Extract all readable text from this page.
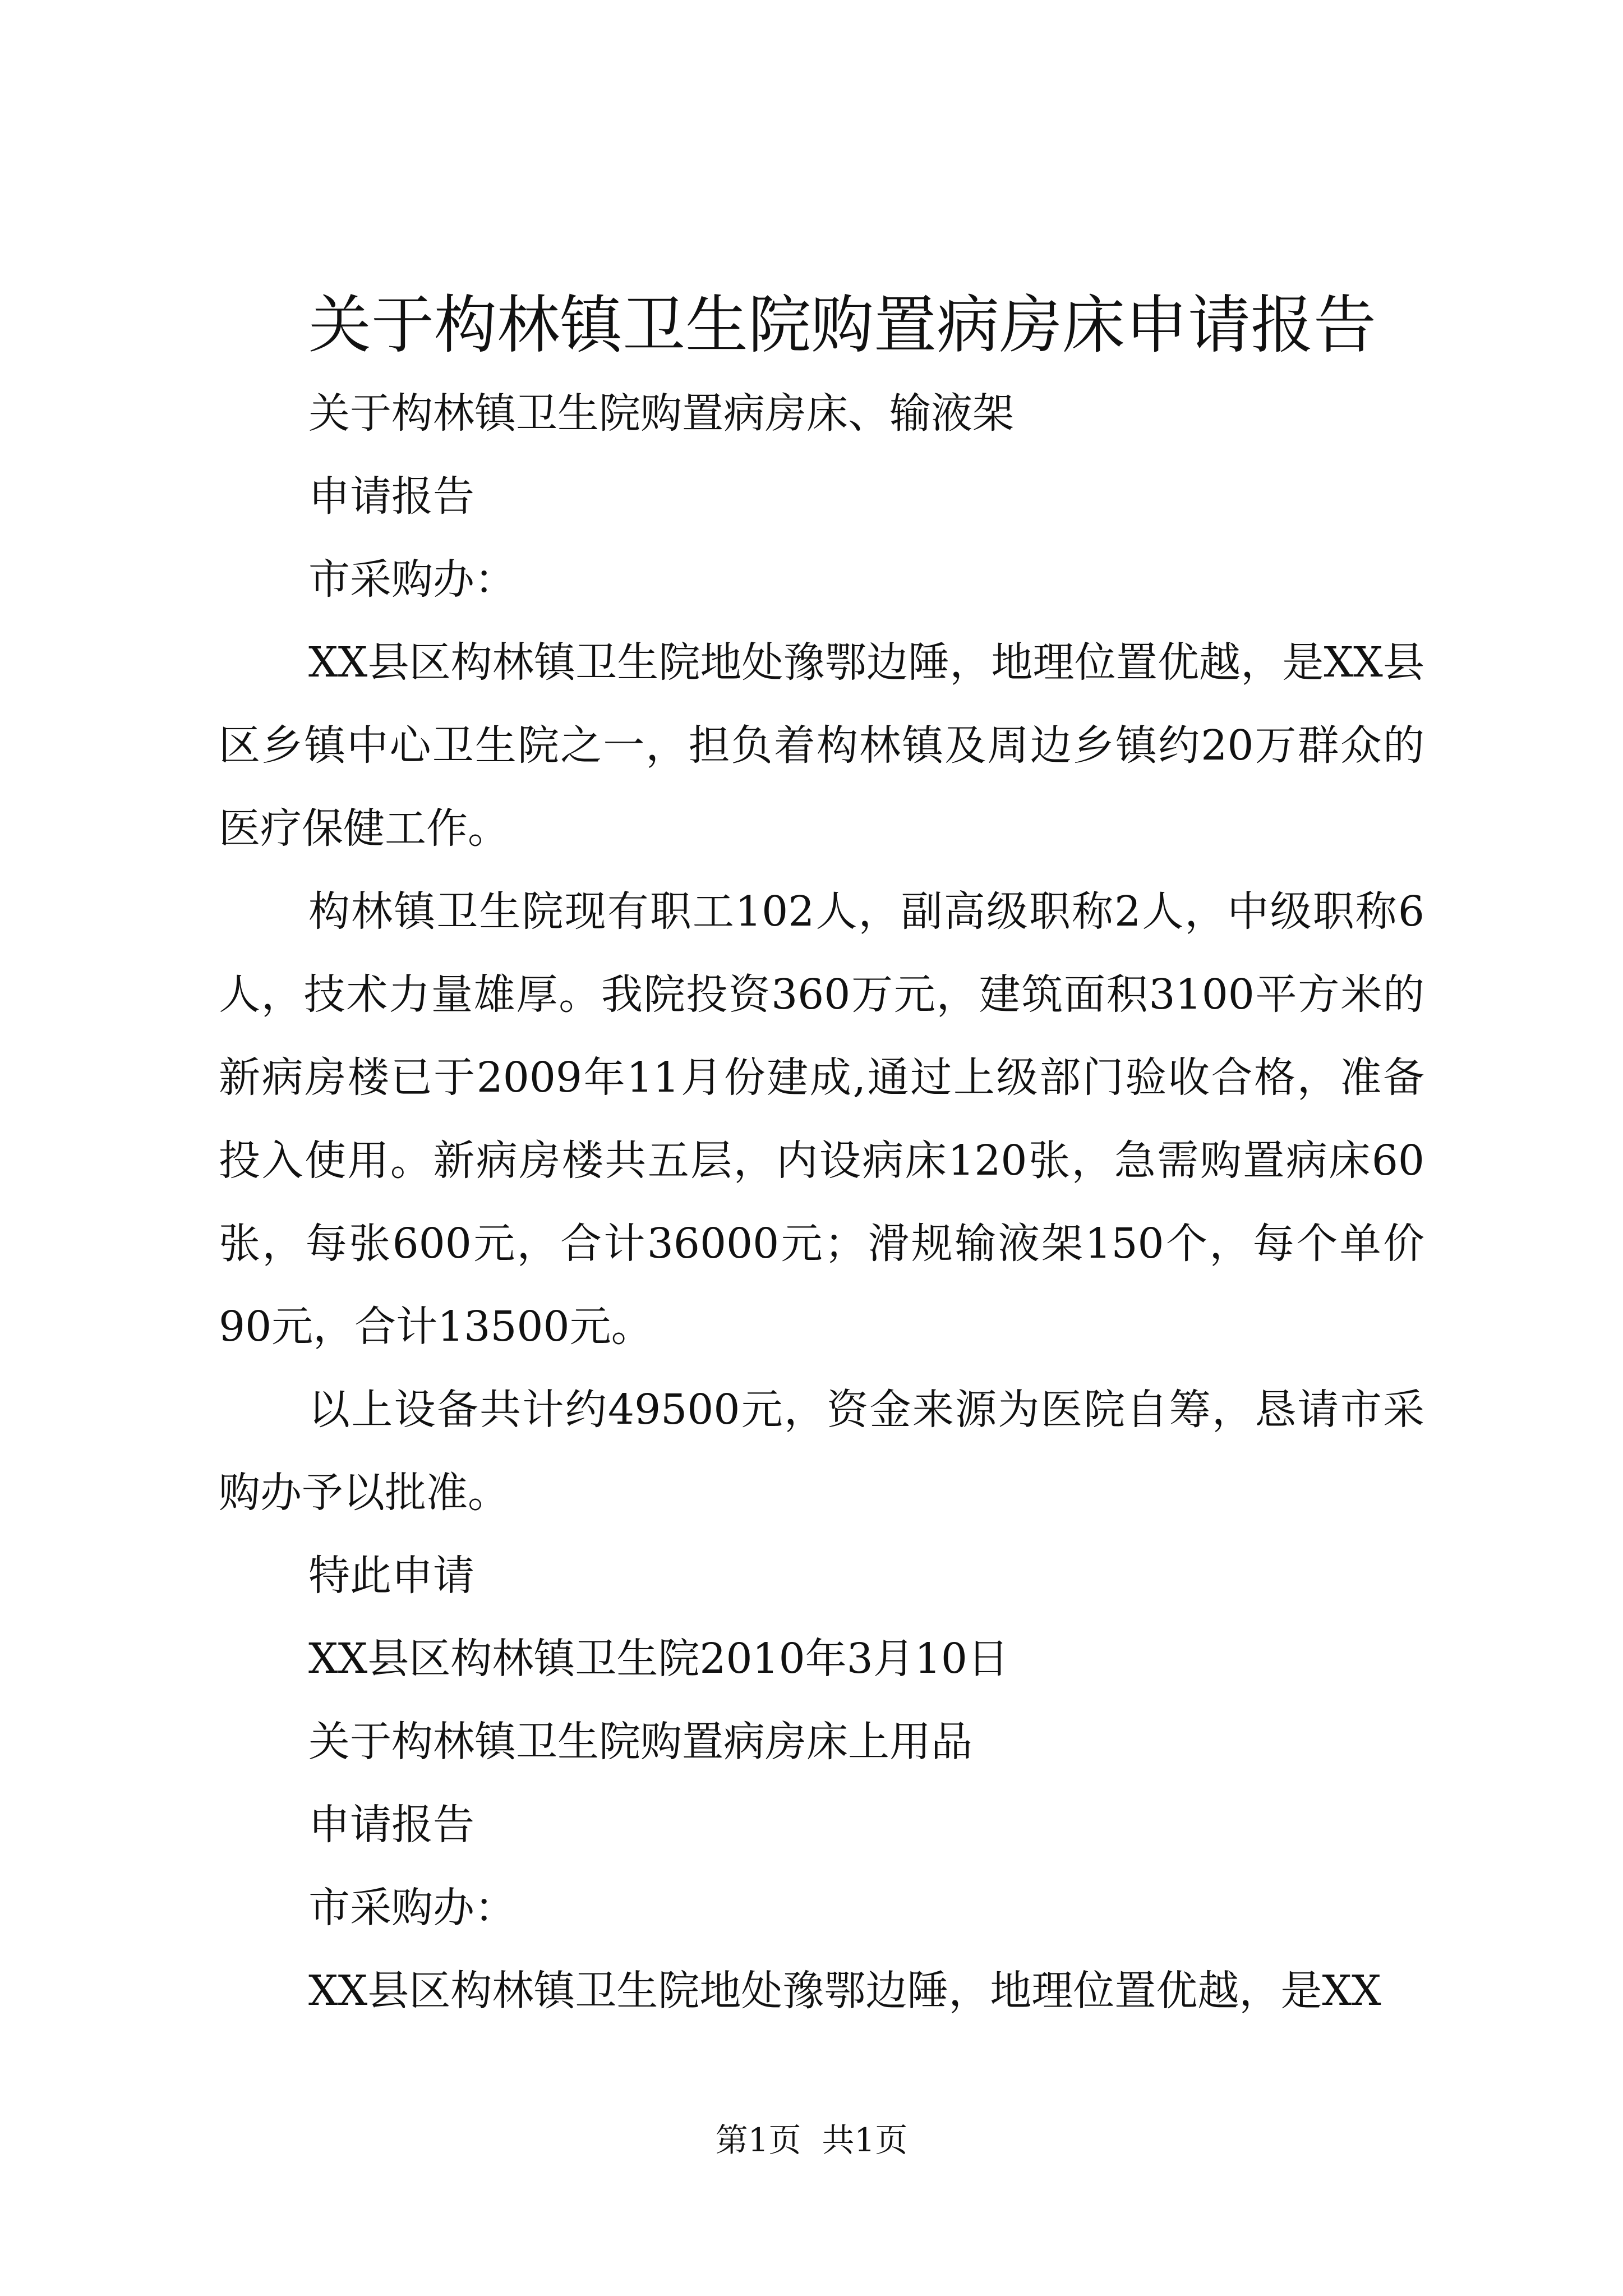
关于构林镇卫生院购置病房床申请报告
关于构林镇卫生院购置病房床、输液架
申请报告
市采购办：

XX县区构林镇卫生院地处豫鄂边陲，地理位置优越，是XX县区乡镇中心卫生院之一，担负着构林镇及周边乡镇约20万群众的医疗保健工作。

构林镇卫生院现有职工102人，副高级职称2人，中级职称6人，技术力量雄厚。我院投资360万元，建筑面积3100平方米的新病房楼已于2009年11月份建成,通过上级部门验收合格，准备投入使用。新病房楼共五层，内设病床120张，急需购置病床60张，每张600元，合计36000元；滑规输液架150个，每个单价90元，合计13500元。

以上设备共计约49500元，资金来源为医院自筹，恳请市采购办予以批准。

特此申请
XX县区构林镇卫生院2010年3月10日
关于构林镇卫生院购置病房床上用品
申请报告
市采购办：

XX县区构林镇卫生院地处豫鄂边陲，地理位置优越，是XX

第1页  共1页
